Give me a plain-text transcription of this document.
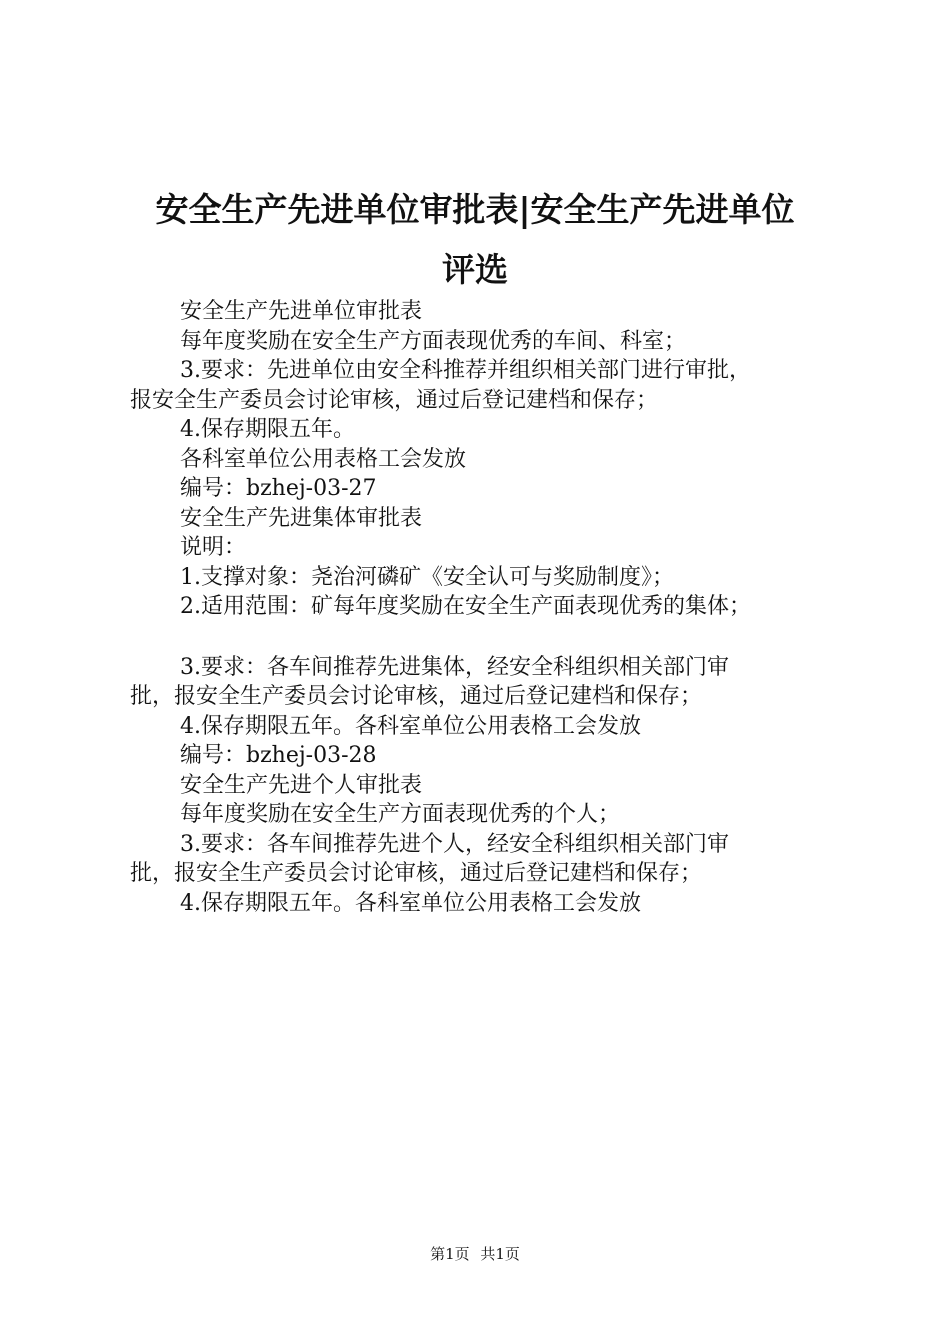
安全生产先进单位审批表|安全生产先进单位
评选
安全生产先进单位审批表
每年度奖励在安全生产方面表现优秀的车间、科室；
3.要求：先进单位由安全科推荐并组织相关部门进行审批，
报安全生产委员会讨论审核，通过后登记建档和保存；
4.保存期限五年。
各科室单位公用表格工会发放
编号：bzhej-03-27
安全生产先进集体审批表
说明：
1.支撑对象：尧治河磷矿《安全认可与奖励制度》；
2.适用范围：矿每年度奖励在安全生产面表现优秀的集体；
3.要求：各车间推荐先进集体，经安全科组织相关部门审
批，报安全生产委员会讨论审核，通过后登记建档和保存；
4.保存期限五年。各科室单位公用表格工会发放
编号：bzhej-03-28
安全生产先进个人审批表
每年度奖励在安全生产方面表现优秀的个人；
3.要求：各车间推荐先进个人，经安全科组织相关部门审
批，报安全生产委员会讨论审核，通过后登记建档和保存；
4.保存期限五年。各科室单位公用表格工会发放
第1页 共1页
